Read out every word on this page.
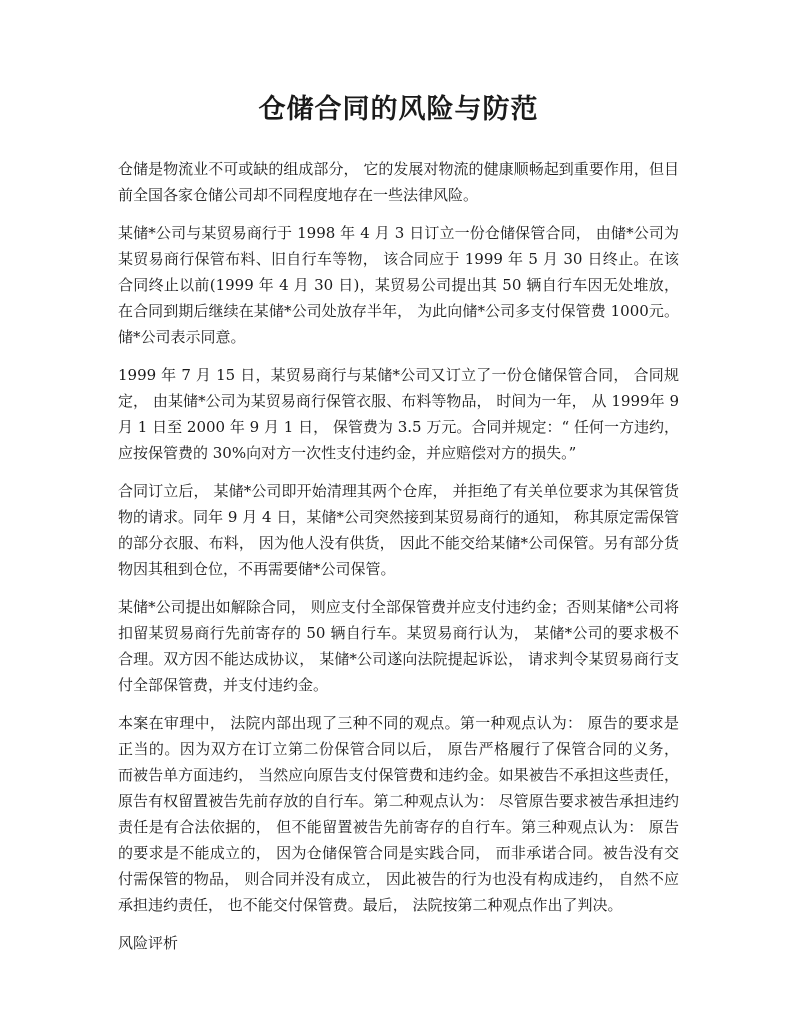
仓储合同的风险与防范

仓储是物流业不可或缺的组成部分， 它的发展对物流的健康顺畅起到重要作用，但目前全国各家仓储公司却不同程度地存在一些法律风险。

某储*公司与某贸易商行于 1998 年 4 月 3 日订立一份仓储保管合同， 由储*公司为某贸易商行保管布料、旧自行车等物， 该合同应于 1999 年 5 月 30 日终止。在该合同终止以前(1999 年 4 月 30 日)，某贸易公司提出其 50 辆自行车因无处堆放，在合同到期后继续在某储*公司处放存半年， 为此向储*公司多支付保管费 1000元。储*公司表示同意。

1999 年 7 月 15 日，某贸易商行与某储*公司又订立了一份仓储保管合同， 合同规定， 由某储*公司为某贸易商行保管衣服、布料等物品， 时间为一年， 从 1999年 9 月 1 日至 2000 年 9 月 1 日， 保管费为 3.5 万元。合同并规定：“ 任何一方违约， 应按保管费的 30%向对方一次性支付违约金，并应赔偿对方的损失。”

合同订立后， 某储*公司即开始清理其两个仓库， 并拒绝了有关单位要求为其保管货物的请求。同年 9 月 4 日，某储*公司突然接到某贸易商行的通知， 称其原定需保管的部分衣服、布料， 因为他人没有供货， 因此不能交给某储*公司保管。另有部分货物因其租到仓位，不再需要储*公司保管。

某储*公司提出如解除合同， 则应支付全部保管费并应支付违约金；否则某储*公司将扣留某贸易商行先前寄存的 50 辆自行车。某贸易商行认为， 某储*公司的要求极不合理。双方因不能达成协议， 某储*公司遂向法院提起诉讼， 请求判令某贸易商行支付全部保管费，并支付违约金。

本案在审理中， 法院内部出现了三种不同的观点。第一种观点认为： 原告的要求是正当的。因为双方在订立第二份保管合同以后， 原告严格履行了保管合同的义务， 而被告单方面违约， 当然应向原告支付保管费和违约金。如果被告不承担这些责任， 原告有权留置被告先前存放的自行车。第二种观点认为： 尽管原告要求被告承担违约责任是有合法依据的， 但不能留置被告先前寄存的自行车。第三种观点认为： 原告的要求是不能成立的， 因为仓储保管合同是实践合同， 而非承诺合同。被告没有交付需保管的物品， 则合同并没有成立， 因此被告的行为也没有构成违约， 自然不应承担违约责任， 也不能交付保管费。最后， 法院按第二种观点作出了判决。

风险评析
